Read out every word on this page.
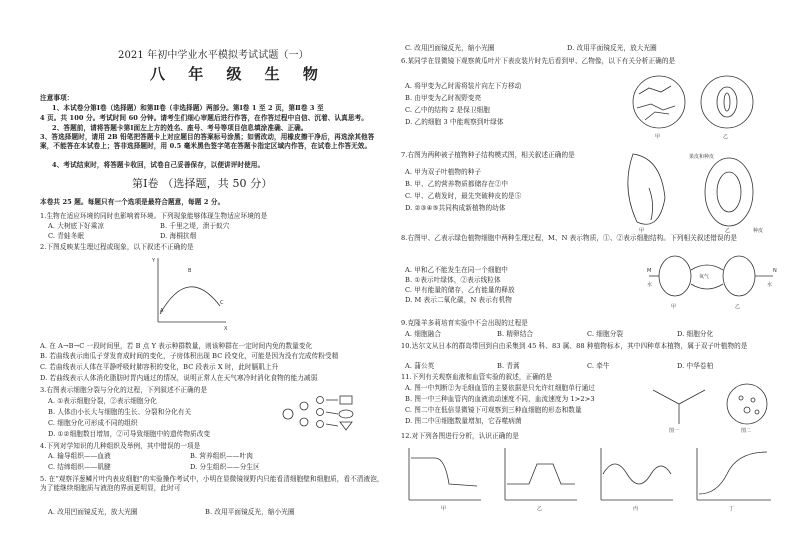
2021 年初中学业水平模拟考试试题（一）
八 年 级 生 物
注意事项：
1、本试卷分第Ⅰ卷（选择题）和第Ⅱ卷（非选择题）两部分。第Ⅰ卷 1 至 2 页，第Ⅱ卷 3 至
4 页。共 100 分。考试时间 60 分钟。请考生们细心审题后进行作答，在作答过程中自信、沉着、认真思考。
2、答题前，请将答题卡第Ⅰ面左上方的姓名、座号、考号等项目信息填涂准确、正确。
3、答选择题时，请用 2B 铅笔把答题卡上对应题目的答案标号涂黑；如需改动，用橡皮擦干净后，再选涂其他答案，不能答在本试卷上；答非选择题时，用 0.5 毫米黑色签字笔在答题卡指定区域内作答，在试卷上作答无效。
4、考试结束时，将答题卡收回，试卷自己妥善保存，以便讲评时使用。
第Ⅰ卷 （选择题，共 50 分）
本卷共 25 题。每题只有一个选项是最符合题意，每题 2 分。
1.生物在适应环境的同时也影响着环境。下列现象能够体现生物适应环境的是
A. 大树底下好乘凉	B. 千里之堤，溃于蚁穴
C. 青蛙冬眠	D. 海桐抗烟
2.下图反映某生理过程或现象，以下叙述不正确的是
Y
X
A
B
C
A. 在 A→B→C 一段时间里，若 B 点 Y 表示种群数量，则该种群在一定时间内免的数量变化
B. 若曲线表示南瓜子芽发育成时间的变化，子房体积出现 BC 段变化，可能是因为没有完成传粉受精
C. 若曲线表示人体在平静呼吸时肺容积的变化，BC 段表示 X 时，此时膈肌上升
D. 若曲线表示人体消化脂肪时胃内通过的情况，说明正常人在天气寒冷时消化食物的能力减弱
3.右图表示细胞分裂与分化的过程，下列叙述不正确的是
A. ①表示细胞分裂，②表示细胞分化
B. 人体由小长大与细胞的生长、分裂和分化有关
C. 细胞分化可形成不同的组织
D. ①②细胞数目增加，②可导致细胞中的遗传物质改变
4.下列对学知识的几种组织及举例，其中错误的一项是
A. 输导组织——血液	B. 营养组织——叶肉
C. 结缔组织——肌腱	D. 分生组织——分生区
5. 在“观察洋葱鳞片叶内表皮细胞”的实验操作考试中，小明在显微镜视野内只能看清细胞壁和细胞质，看不清液泡，为了能继续细胞质与液泡的界面更明显，此时可
A. 改用凹面镜反光，放大光圈	B. 改用平面镜反光，缩小光圈
C. 改用凹面镜反光，缩小光圈	D. 改用平面镜反光，放大光圈
6.某同学在显微镜下观察黄瓜叶片下表皮装片时先后看到甲、乙物像，以下有关分析正确的是
A. 将甲变为乙时需将装片向左下方移动
B. 由甲变为乙时视野变亮
C. 乙中的结构 2 是保卫细胞
D. 乙的细胞 3 中能观察到叶绿体
甲	乙
7.右图为两种被子植物种子结构模式图，相关叙述正确的是
A. 甲为双子叶植物的种子
B. 甲、乙的营养物质都储存在②中
C. 甲、乙萌发时，最先突破种皮的是⑤
D. ②③④⑤共同构成新植物的幼体
果皮和种皮
种皮
甲	乙
8.右图甲、乙表示绿色植物细胞中两种生理过程，M、N 表示物质，①、②表示细胞结构。下列相关叙述错误的是
A. 甲和乙不能发生在同一个细胞中
B. ①表示叶绿体，②表示线粒体
C. 甲有能量的储存，乙有能量的释放
D. M 表示二氧化碳，N 表示有机物
M	N
氧气
水	水
甲	乙
9.克隆羊多莉培育实验中不会出现的过程是
A. 细胞融合	B. 精卵结合	C. 细胞分裂	D. 细胞分化
10.达尔文从日本的群岛带回到自由采集到 45 科、83 属、88 种植物标本，其中四种草本植物，属于双子叶植物的是
A. 蒲公英	B. 青蒿	C. 牵牛	D. 中华卷柏
11.下列有关观察血液和血管实验的叙述，正确的是
A. 图一中判断②为毛细血管的主要依据是只允许红细胞单行通过
B. 图一中三种血管内的血液流动速度不同，血流速度为 1>2>3
C. 图二中在低倍显微镜下可观察到三种血细胞的形态和数量
D. 图二中④细胞数量增加，它吞噬病菌
图一	图二
12.对下列各图进行分析，认识正确的是
甲	乙	丙	丁
